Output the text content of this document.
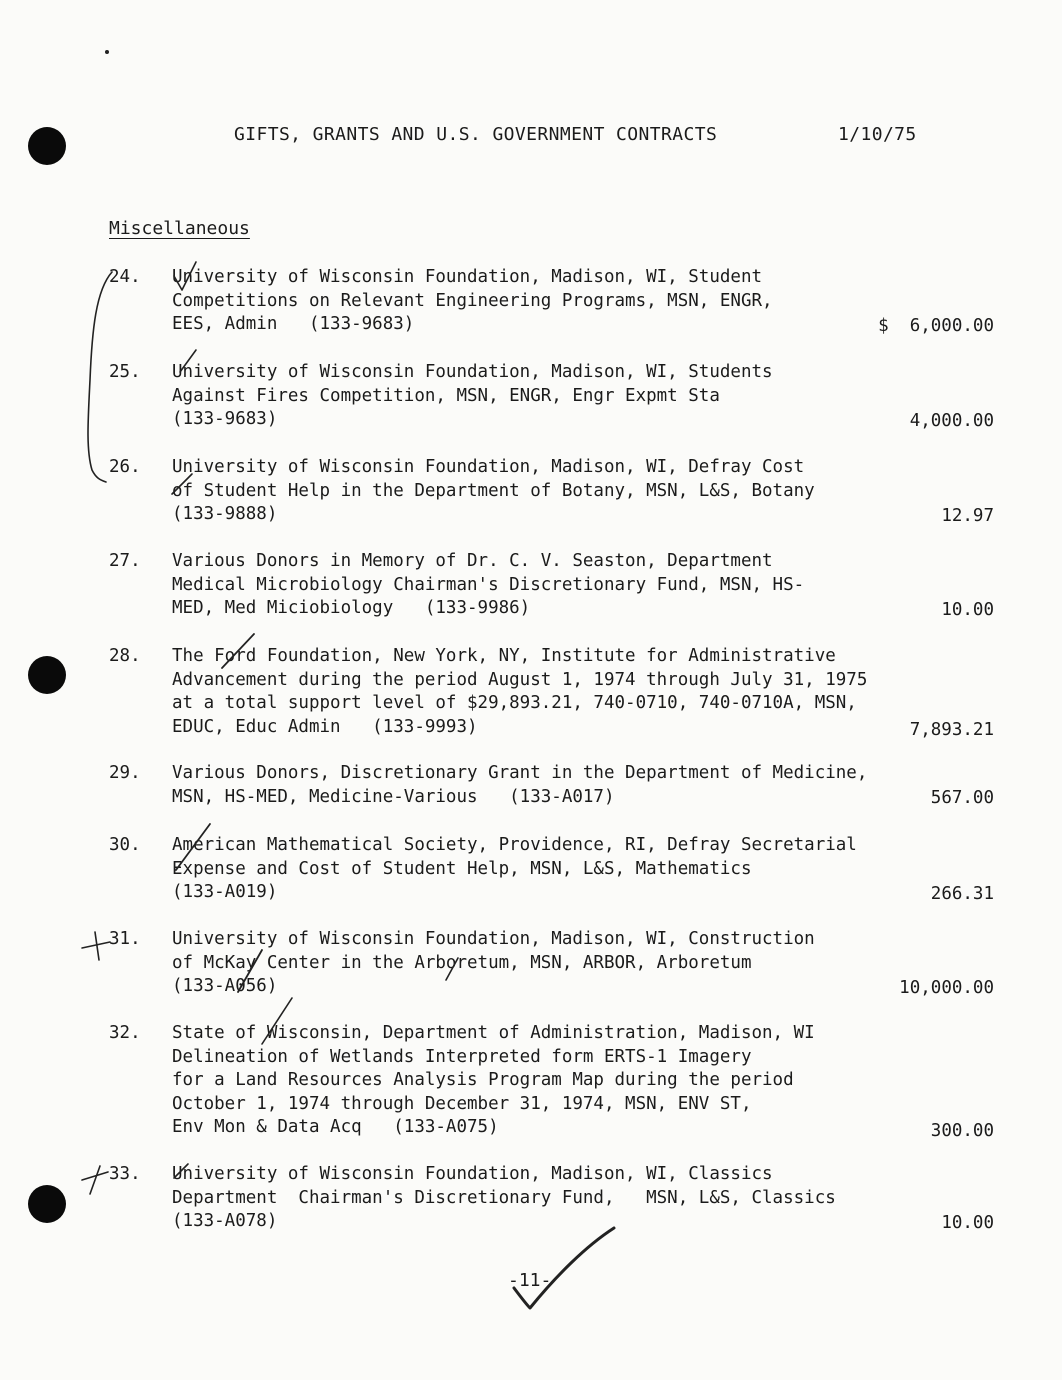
GIFTS, GRANTS AND U.S. GOVERNMENT CONTRACTS	1/10/75
Miscellaneous
24. University of Wisconsin Foundation, Madison, WI, Student
Competitions on Relevant Engineering Programs, MSN, ENGR,
EES, Admin   (133-9683)	$  6,000.00
25. University of Wisconsin Foundation, Madison, WI, Students
Against Fires Competition, MSN, ENGR, Engr Expmt Sta
(133-9683)	4,000.00
26. University of Wisconsin Foundation, Madison, WI, Defray Cost
of Student Help in the Department of Botany, MSN, L&S, Botany
(133-9888)	12.97
27. Various Donors in Memory of Dr. C. V. Seaston, Department
Medical Microbiology Chairman's Discretionary Fund, MSN, HS-
MED, Med Miciobiology   (133-9986)	10.00
28. The Ford Foundation, New York, NY, Institute for Administrative
Advancement during the period August 1, 1974 through July 31, 1975
at a total support level of $29,893.21, 740-0710, 740-0710A, MSN,
EDUC, Educ Admin   (133-9993)	7,893.21
29. Various Donors, Discretionary Grant in the Department of Medicine,
MSN, HS-MED, Medicine-Various   (133-A017)	567.00
30. American Mathematical Society, Providence, RI, Defray Secretarial
Expense and Cost of Student Help, MSN, L&S, Mathematics
(133-A019)	266.31
31. University of Wisconsin Foundation, Madison, WI, Construction
of McKay Center in the Arboretum, MSN, ARBOR, Arboretum
(133-A056)	10,000.00
32. State of Wisconsin, Department of Administration, Madison, WI
Delineation of Wetlands Interpreted form ERTS-1 Imagery
for a Land Resources Analysis Program Map during the period
October 1, 1974 through December 31, 1974, MSN, ENV ST,
Env Mon & Data Acq   (133-A075)	300.00
33. University of Wisconsin Foundation, Madison, WI, Classics
Department  Chairman's Discretionary Fund,   MSN, L&S, Classics
(133-A078)	10.00
-11-
